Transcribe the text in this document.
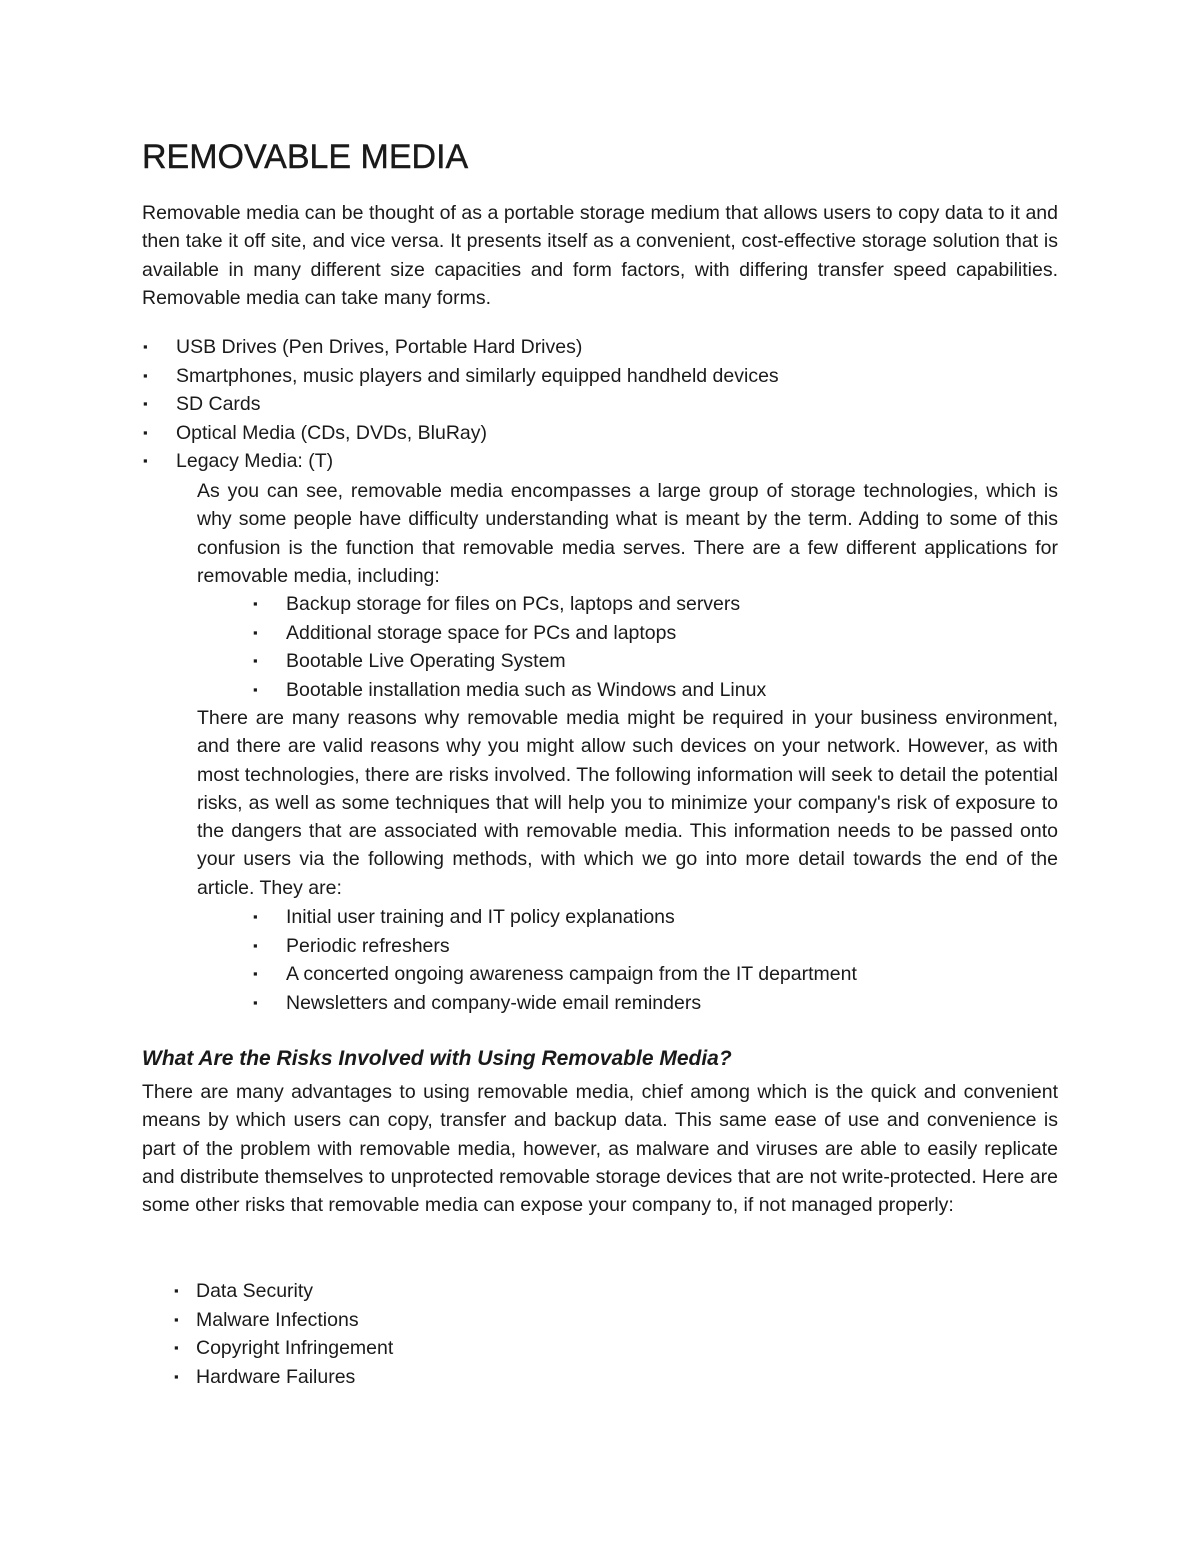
REMOVABLE MEDIA

Removable media can be thought of as a portable storage medium that allows users to copy data to it and then take it off site, and vice versa. It presents itself as a convenient, cost-effective storage solution that is available in many different size capacities and form factors, with differing transfer speed capabilities. Removable media can take many forms.

▪ USB Drives (Pen Drives, Portable Hard Drives)
▪ Smartphones, music players and similarly equipped handheld devices
▪ SD Cards
▪ Optical Media (CDs, DVDs, BluRay)
▪ Legacy Media: (T)

As you can see, removable media encompasses a large group of storage technologies, which is why some people have difficulty understanding what is meant by the term. Adding to some of this confusion is the function that removable media serves. There are a few different applications for removable media, including:

▪ Backup storage for files on PCs, laptops and servers
▪ Additional storage space for PCs and laptops
▪ Bootable Live Operating System
▪ Bootable installation media such as Windows and Linux

There are many reasons why removable media might be required in your business environment, and there are valid reasons why you might allow such devices on your network. However, as with most technologies, there are risks involved. The following information will seek to detail the potential risks, as well as some techniques that will help you to minimize your company's risk of exposure to the dangers that are associated with removable media. This information needs to be passed onto your users via the following methods, with which we go into more detail towards the end of the article. They are:

▪ Initial user training and IT policy explanations
▪ Periodic refreshers
▪ A concerted ongoing awareness campaign from the IT department
▪ Newsletters and company-wide email reminders
What Are the Risks Involved with Using Removable Media?

There are many advantages to using removable media, chief among which is the quick and convenient means by which users can copy, transfer and backup data. This same ease of use and convenience is part of the problem with removable media, however, as malware and viruses are able to easily replicate and distribute themselves to unprotected removable storage devices that are not write-protected. Here are some other risks that removable media can expose your company to, if not managed properly:

▪ Data Security
▪ Malware Infections
▪ Copyright Infringement
▪ Hardware Failures
